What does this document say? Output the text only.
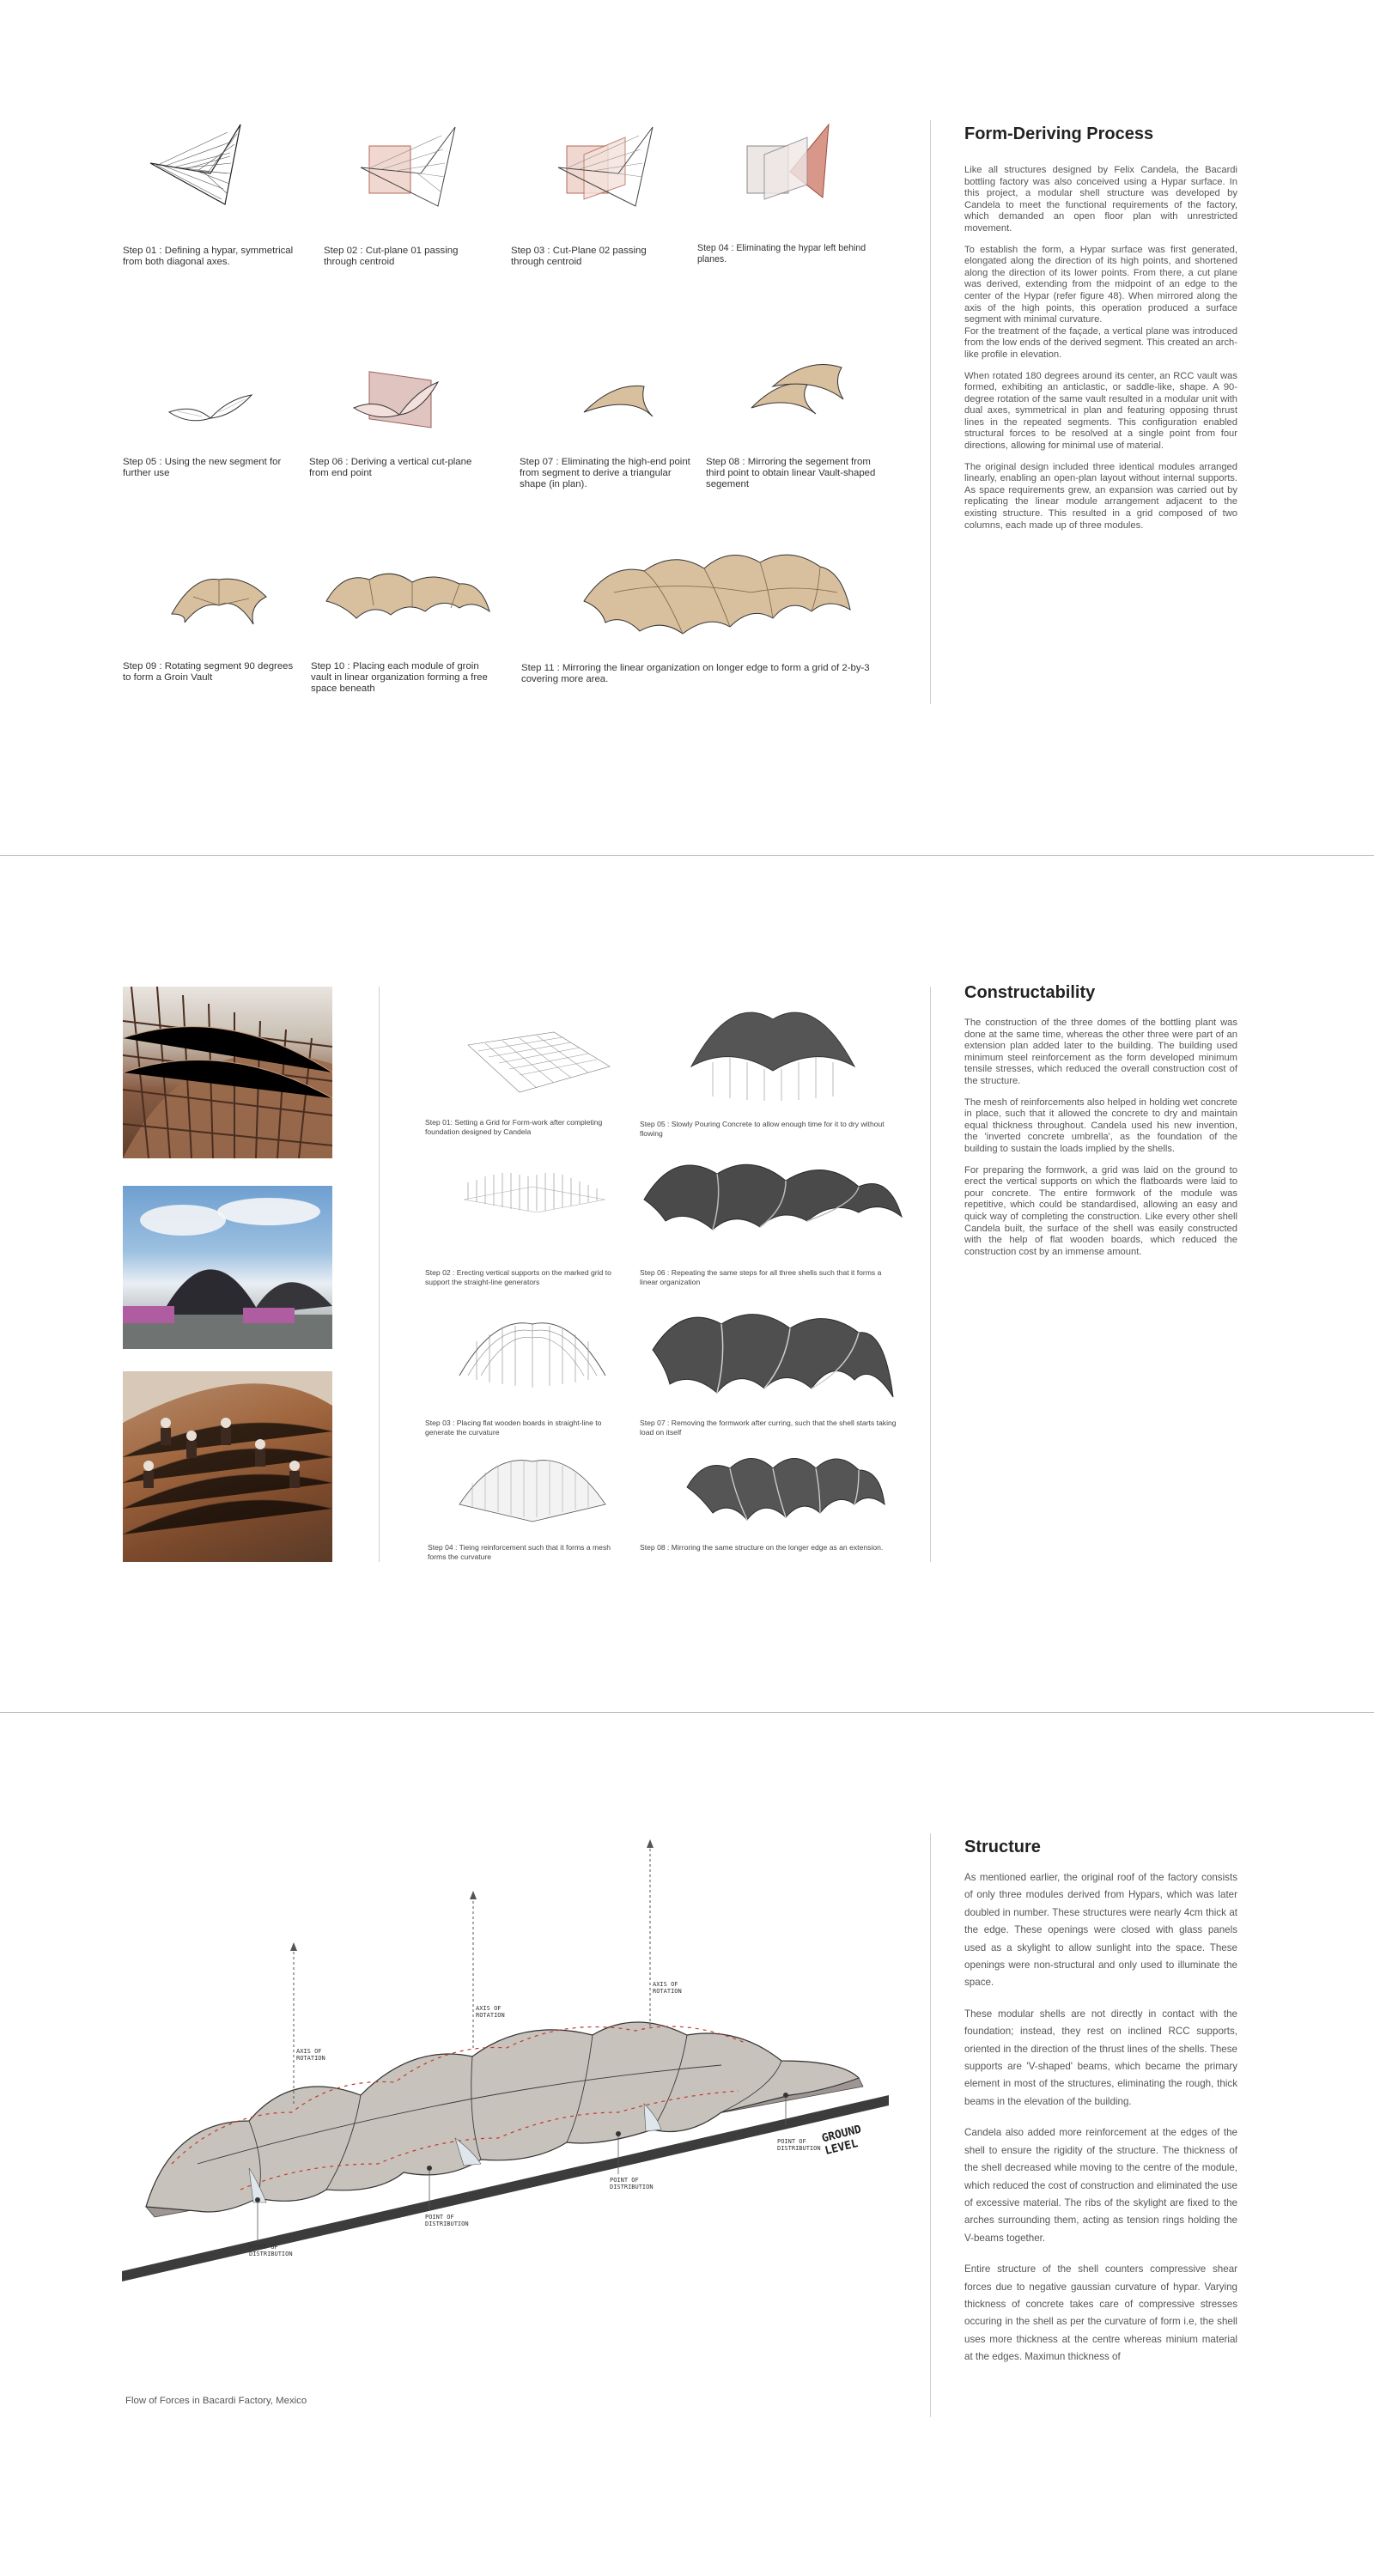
Step 01 : Defining a hypar, symmetrical from both diagonal axes.
Step 02 : Cut-plane 01 passing through centroid
Step 03 : Cut-Plane 02 passing through centroid
Step 04 : Eliminating the hypar left behind planes.
Step 05 : Using the new segment for further use
Step 06 : Deriving a vertical cut-plane from end point
Step 07 : Eliminating the high-end point from segment to derive a triangular shape (in plan).
Step 08 : Mirroring the segement from third point to obtain linear Vault-shaped segement
Step 09 : Rotating segment 90 degrees to form a Groin Vault
Step 10 : Placing each module of groin vault in linear organization forming a free space beneath
Step 11 : Mirroring the linear organization on longer edge to form a grid of 2-by-3 covering more area.
Form-Deriving Process

Like all structures designed by Felix Candela, the Bacardi bottling factory was also conceived using a Hypar surface. In this project, a modular shell structure was developed by Candela to meet the functional requirements of the factory, which demanded an open floor plan with unrestricted movement.

To establish the form, a Hypar surface was first generated, elongated along the direction of its high points, and shortened along the direction of its lower points. From there, a cut plane was derived, extending from the midpoint of an edge to the center of the Hypar (refer figure 48). When mirrored along the axis of the high points, this operation produced a surface segment with minimal curvature.
For the treatment of the façade, a vertical plane was introduced from the low ends of the derived segment. This created an arch-like profile in elevation.

When rotated 180 degrees around its center, an RCC vault was formed, exhibiting an anticlastic, or saddle-like, shape. A 90-degree rotation of the same vault resulted in a modular unit with dual axes, symmetrical in plan and featuring opposing thrust lines in the repeated segments. This configuration enabled structural forces to be resolved at a single point from four directions, allowing for minimal use of material.

The original design included three identical modules arranged linearly, enabling an open-plan layout without internal supports. As space requirements grew, an expansion was carried out by replicating the linear module arrangement adjacent to the existing structure. This resulted in a grid composed of two columns, each made up of three modules.

Step 01: Setting a Grid for Form-work after completing foundation designed by Candela
Step 02 : Erecting vertical supports on the marked grid to support the straight-line generators
Step 03 : Placing flat wooden boards in straight-line to generate the curvature
Step 04 : Tieing reinforcement such that it forms a mesh forms the curvature
Step 05 : Slowly Pouring Concrete to allow enough time for it to dry without flowing
Step 06 : Repeating the same steps for all three shells such that it forms a linear organization
Step 07 : Removing the formwork after curring, such that the shell starts taking load on itself
Step 08 : Mirroring the same structure on the longer edge as an extension.
Constructability

The construction of the three domes of the bottling plant was done at the same time, whereas the other three were part of an extension plan added later to the building. The building used minimum steel reinforcement as the form developed minimum tensile stresses, which reduced the overall construction cost of the structure.

The mesh of reinforcements also helped in holding wet concrete in place, such that it allowed the concrete to dry and maintain equal thickness throughout. Candela used his new invention, the 'inverted concrete umbrella', as the foundation of the building to sustain the loads implied by the shells.

For preparing the formwork, a grid was laid on the ground to erect the vertical supports on which the flatboards were laid to pour concrete. The entire formwork of the module was repetitive, which could be standardised, allowing an easy and quick way of completing the construction. Like every other shell Candela built, the surface of the shell was easily constructed with the help of flat wooden boards, which reduced the construction cost by an immense amount.

AXIS OF ROTATION
AXIS OF ROTATION
AXIS OF ROTATION
POINT OF DISTRIBUTION
POINT OF DISTRIBUTION
POINT OF DISTRIBUTION
POINT OF DISTRIBUTION
GROUND LEVEL
Flow of Forces in Bacardi Factory, Mexico
Structure

As mentioned earlier, the original roof of the factory consists of only three modules derived from Hypars, which was later doubled in number. These structures were nearly 4cm thick at the edge. These openings were closed with glass panels used as a skylight to allow sunlight into the space. These openings were non-structural and only used to illuminate the space.

These modular shells are not directly in contact with the foundation; instead, they rest on inclined RCC supports, oriented in the direction of the thrust lines of the shells. These supports are 'V-shaped' beams, which became the primary element in most of the structures, eliminating the rough, thick beams in the elevation of the building.

Candela also added more reinforcement at the edges of the shell to ensure the rigidity of the structure. The thickness of the shell decreased while moving to the centre of the module, which reduced the cost of construction and eliminated the use of excessive material. The ribs of the skylight are fixed to the arches surrounding them, acting as tension rings holding the V-beams together.

Entire structure of the shell counters compressive shear forces due to negative gaussian curvature of hypar. Varying thickness of concrete takes care of compressive stresses occuring in the shell as per the curvature of form i.e, the shell uses more thickness at the centre whereas minium material at the edges. Maximun thickness of
